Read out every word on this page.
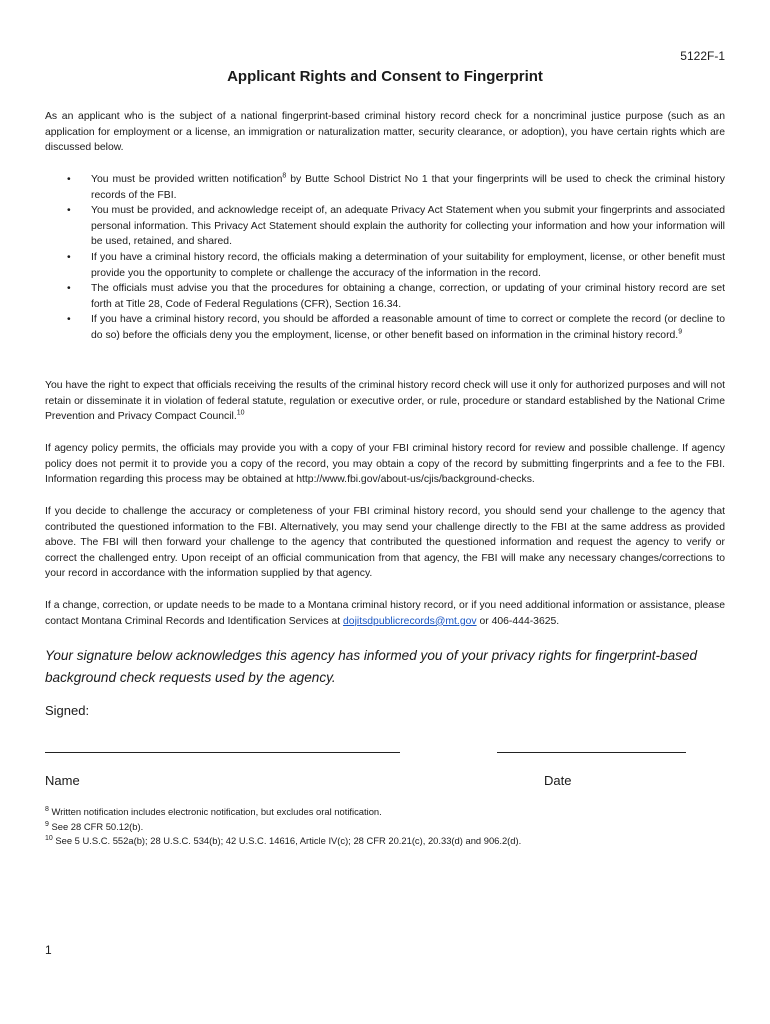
5122F-1
Applicant Rights and Consent to Fingerprint

As an applicant who is the subject of a national fingerprint-based criminal history record check for a noncriminal justice purpose (such as an application for employment or a license, an immigration or naturalization matter, security clearance, or adoption), you have certain rights which are discussed below.

• You must be provided written notification$^8$ by Butte School District No 1 that your fingerprints will be used to check the criminal history records of the FBI.
• You must be provided, and acknowledge receipt of, an adequate Privacy Act Statement when you submit your fingerprints and associated personal information. This Privacy Act Statement should explain the authority for collecting your information and how your information will be used, retained, and shared.
• If you have a criminal history record, the officials making a determination of your suitability for employment, license, or other benefit must provide you the opportunity to complete or challenge the accuracy of the information in the record.
• The officials must advise you that the procedures for obtaining a change, correction, or updating of your criminal history record are set forth at Title 28, Code of Federal Regulations (CFR), Section 16.34.
• If you have a criminal history record, you should be afforded a reasonable amount of time to correct or complete the record (or decline to do so) before the officials deny you the employment, license, or other benefit based on information in the criminal history record.$^9$

You have the right to expect that officials receiving the results of the criminal history record check will use it only for authorized purposes and will not retain or disseminate it in violation of federal statute, regulation or executive order, or rule, procedure or standard established by the National Crime Prevention and Privacy Compact Council.$^{10}$

If agency policy permits, the officials may provide you with a copy of your FBI criminal history record for review and possible challenge. If agency policy does not permit it to provide you a copy of the record, you may obtain a copy of the record by submitting fingerprints and a fee to the FBI. Information regarding this process may be obtained at http://www.fbi.gov/about-us/cjis/background-checks.

If you decide to challenge the accuracy or completeness of your FBI criminal history record, you should send your challenge to the agency that contributed the questioned information to the FBI. Alternatively, you may send your challenge directly to the FBI at the same address as provided above. The FBI will then forward your challenge to the agency that contributed the questioned information and request the agency to verify or correct the challenged entry. Upon receipt of an official communication from that agency, the FBI will make any necessary changes/corrections to your record in accordance with the information supplied by that agency.

If a change, correction, or update needs to be made to a Montana criminal history record, or if you need additional information or assistance, please contact Montana Criminal Records and Identification Services at dojitsdpublicrecords@mt.gov or 406-444-3625.

Your signature below acknowledges this agency has informed you of your privacy rights for fingerprint-based background check requests used by the agency.

Signed:
Name	Date
$^8$ Written notification includes electronic notification, but excludes oral notification.
$^9$ See 28 CFR 50.12(b).
$^{10}$ See 5 U.S.C. 552a(b); 28 U.S.C. 534(b); 42 U.S.C. 14616, Article IV(c); 28 CFR 20.21(c), 20.33(d) and 906.2(d).
1
